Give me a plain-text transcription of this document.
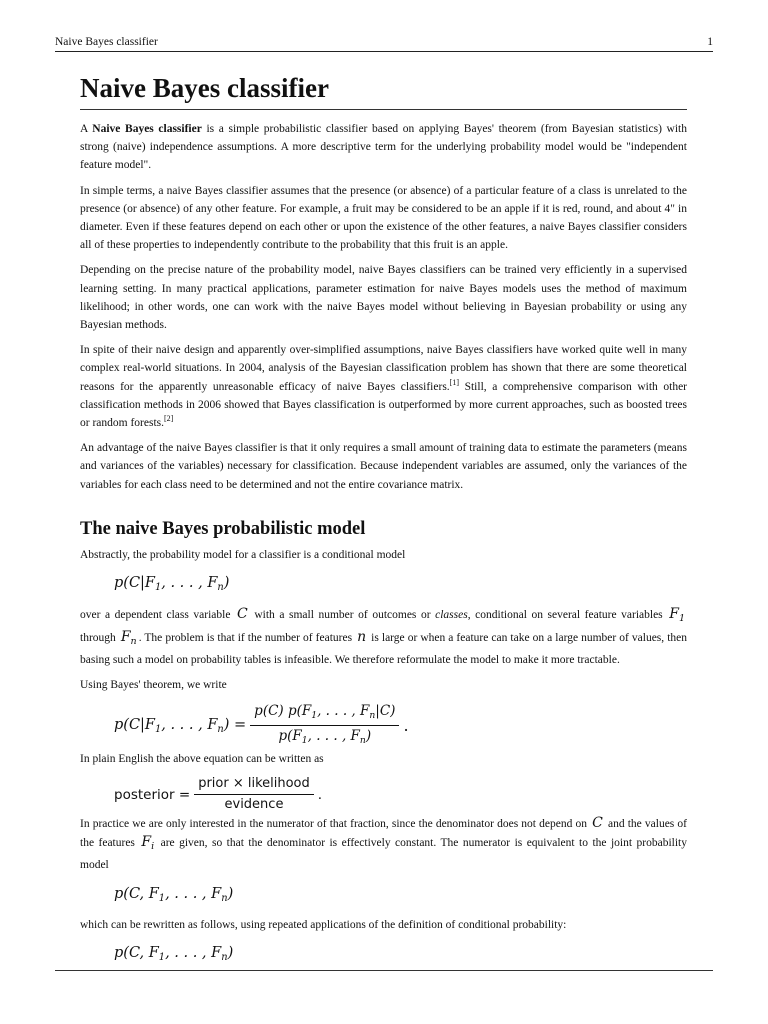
Naive Bayes classifier	1
Naive Bayes classifier

A Naive Bayes classifier is a simple probabilistic classifier based on applying Bayes' theorem (from Bayesian statistics) with strong (naive) independence assumptions. A more descriptive term for the underlying probability model would be "independent feature model".

In simple terms, a naive Bayes classifier assumes that the presence (or absence) of a particular feature of a class is unrelated to the presence (or absence) of any other feature. For example, a fruit may be considered to be an apple if it is red, round, and about 4" in diameter. Even if these features depend on each other or upon the existence of the other features, a naive Bayes classifier considers all of these properties to independently contribute to the probability that this fruit is an apple.

Depending on the precise nature of the probability model, naive Bayes classifiers can be trained very efficiently in a supervised learning setting. In many practical applications, parameter estimation for naive Bayes models uses the method of maximum likelihood; in other words, one can work with the naive Bayes model without believing in Bayesian probability or using any Bayesian methods.

In spite of their naive design and apparently over-simplified assumptions, naive Bayes classifiers have worked quite well in many complex real-world situations. In 2004, analysis of the Bayesian classification problem has shown that there are some theoretical reasons for the apparently unreasonable efficacy of naive Bayes classifiers.[1] Still, a comprehensive comparison with other classification methods in 2006 showed that Bayes classification is outperformed by more current approaches, such as boosted trees or random forests.[2]

An advantage of the naive Bayes classifier is that it only requires a small amount of training data to estimate the parameters (means and variances of the variables) necessary for classification. Because independent variables are assumed, only the variances of the variables for each class need to be determined and not the entire covariance matrix.

The naive Bayes probabilistic model

Abstractly, the probability model for a classifier is a conditional model

$p(C|F_1$, . . . , $F_n$)

over a dependent class variable C with a small number of outcomes or classes, conditional on several feature variables $F_1$ through $F_n$ . The problem is that if the number of features n is large or when a feature can take on a large number of values, then basing such a model on probability tables is infeasible. We therefore reformulate the model to make it more tractable.

Using Bayes' theorem, we write

$p(C|F_1$, . . . , $F_n) = \frac{p(C) p(F_1, . . . , F_n|C)}{p(F_1, . . . , F_n)}$ .

In plain English the above equation can be written as

posterior = $\frac{\text{prior × likelihood}}{\text{evidence}}$ .

In practice we are only interested in the numerator of that fraction, since the denominator does not depend on C and the values of the features $F_i$ are given, so that the denominator is effectively constant. The numerator is equivalent to the joint probability model

p(C, $F_1$, . . . , $F_n$)

which can be rewritten as follows, using repeated applications of the definition of conditional probability:

p(C, $F_1$, . . . , $F_n$)
